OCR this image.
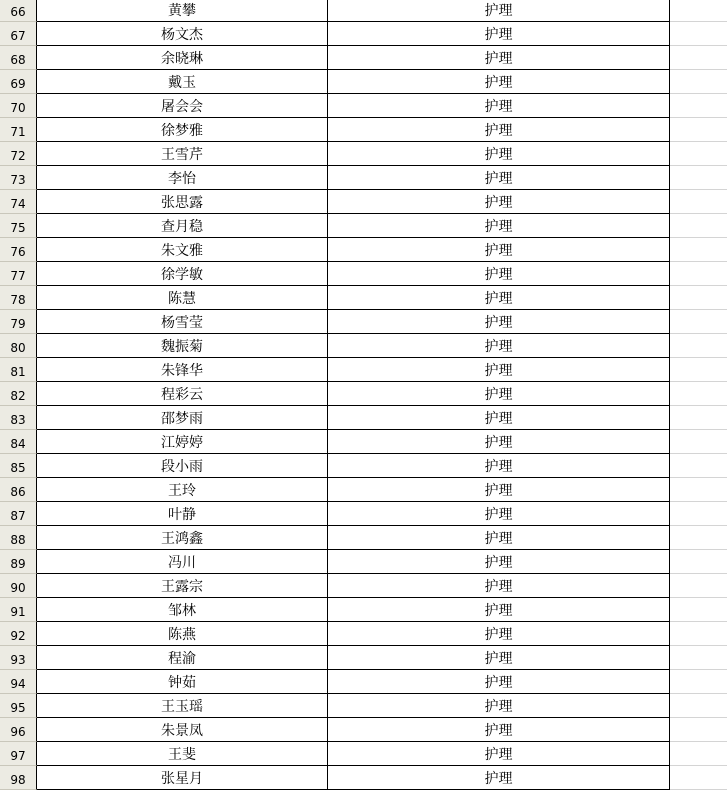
66	黄攀	护理
67	杨文杰	护理
68	余晓琳	护理
69	戴玉	护理
70	屠会会	护理
71	徐梦雅	护理
72	王雪芹	护理
73	李怡	护理
74	张思露	护理
75	查月稳	护理
76	朱文雅	护理
77	徐学敏	护理
78	陈慧	护理
79	杨雪莹	护理
80	魏振菊	护理
81	朱锋华	护理
82	程彩云	护理
83	邵梦雨	护理
84	江婷婷	护理
85	段小雨	护理
86	王玲	护理
87	叶静	护理
88	王鸿鑫	护理
89	冯川	护理
90	王露宗	护理
91	邹林	护理
92	陈燕	护理
93	程渝	护理
94	钟茹	护理
95	王玉瑶	护理
96	朱景凤	护理
97	王斐	护理
98	张星月	护理
